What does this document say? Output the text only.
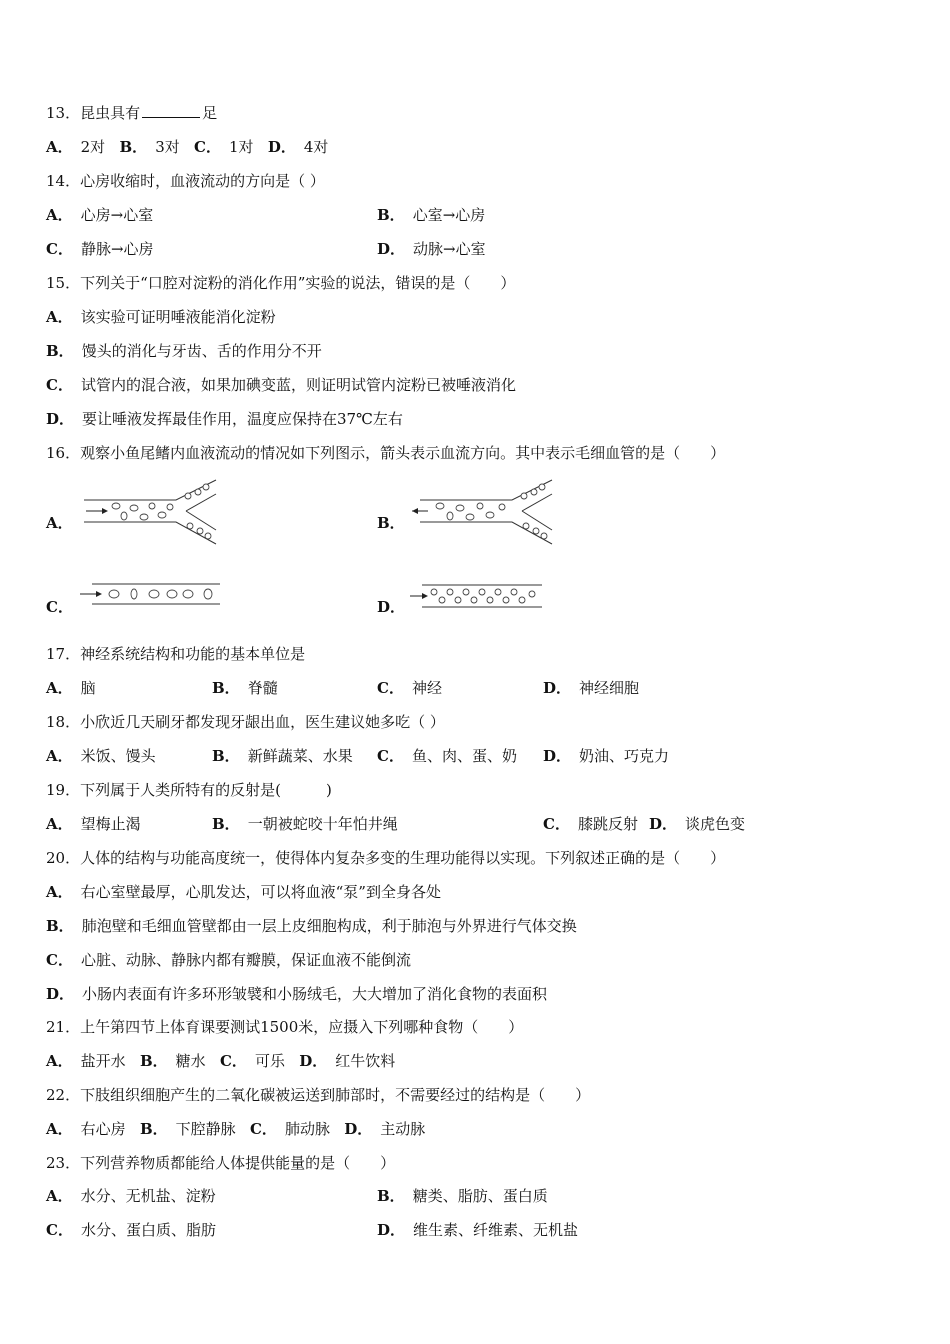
13．昆虫具有	足
A． 2对 B． 3对 C． 1对 D． 4对
14．心房收缩时，血液流动的方向是（ ）
A． 心房→心室	B． 心室→心房
C． 静脉→心房	D． 动脉→心室
15．下列关于“口腔对淀粉的消化作用”实验的说法，错误的是（　　）
A． 该实验可证明唾液能消化淀粉
B． 馒头的消化与牙齿、舌的作用分不开
C． 试管内的混合液，如果加碘变蓝，则证明试管内淀粉已被唾液消化
D． 要让唾液发挥最佳作用，温度应保持在37℃左右
16．观察小鱼尾鳍内血液流动的情况如下列图示，箭头表示血流方向。其中表示毛细血管的是（　　）
A．	B．
C．	D．
17．神经系统结构和功能的基本单位是
A． 脑	B． 脊髓	C． 神经	D． 神经细胞
18．小欣近几天刷牙都发现牙龈出血，医生建议她多吃（ ）
A． 米饭、馒头	B． 新鲜蔬菜、水果 C． 鱼、肉、蛋、奶 D． 奶油、巧克力
19．下列属于人类所特有的反射是(　　　)
A． 望梅止渴	B． 一朝被蛇咬十年怕井绳	C． 膝跳反射 D． 谈虎色变
20．人体的结构与功能高度统一，使得体内复杂多变的生理功能得以实现。下列叙述正确的是（　　）
A． 右心室壁最厚，心肌发达，可以将血液“泵”到全身各处
B． 肺泡壁和毛细血管壁都由一层上皮细胞构成，利于肺泡与外界进行气体交换
C． 心脏、动脉、静脉内都有瓣膜，保证血液不能倒流
D． 小肠内表面有许多环形皱襞和小肠绒毛，大大增加了消化食物的表面积
21．上午第四节上体育课要测试1500米，应摄入下列哪种食物（　　）
A． 盐开水 B． 糖水 C． 可乐 D． 红牛饮料
22．下肢组织细胞产生的二氧化碳被运送到肺部时，不需要经过的结构是（　　）
A． 右心房 B． 下腔静脉 C． 肺动脉 D． 主动脉
23．下列营养物质都能给人体提供能量的是（　　）
A． 水分、无机盐、淀粉	B． 糖类、脂肪、蛋白质
C． 水分、蛋白质、脂肪	D． 维生素、纤维素、无机盐
